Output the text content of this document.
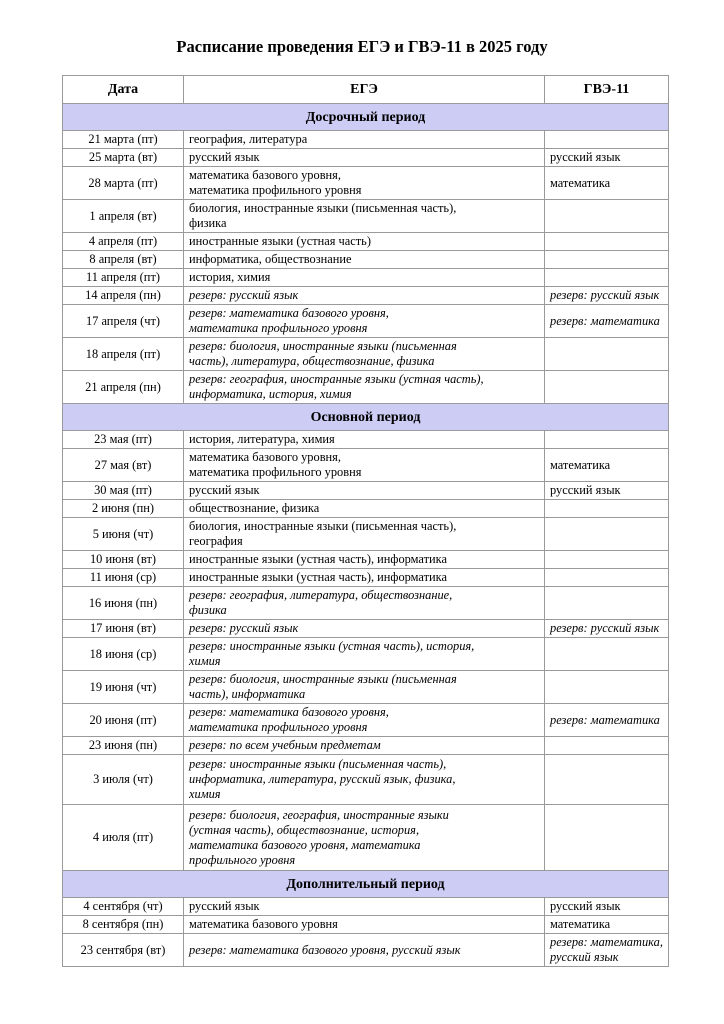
Расписание проведения ЕГЭ и ГВЭ-11 в 2025 году
Дата	ЕГЭ	ГВЭ-11
Досрочный период		
21 марта (пт)	география, литература	
25 марта (вт)	русский язык	русский язык
28 марта (пт)	математика базового уровня,
математика профильного уровня	математика
1 апреля (вт)	биология, иностранные языки (письменная часть),
физика	
4 апреля (пт)	иностранные языки (устная часть)	
8 апреля (вт)	информатика, обществознание	
11 апреля (пт)	история, химия	
14 апреля (пн)	резерв: русский язык	резерв: русский язык
17 апреля (чт)	резерв: математика базового уровня,
математика профильного уровня	резерв: математика
18 апреля (пт)	резерв: биология, иностранные языки (письменная
часть), литература, обществознание, физика	
21 апреля (пн)	резерв: география, иностранные языки (устная часть),
информатика, история, химия	
Основной период		
23 мая (пт)	история, литература, химия	
27 мая (вт)	математика базового уровня,
математика профильного уровня	математика
30 мая (пт)	русский язык	русский язык
2 июня (пн)	обществознание, физика	
5 июня (чт)	биология, иностранные языки (письменная часть),
география	
10 июня (вт)	иностранные языки (устная часть), информатика	
11 июня (ср)	иностранные языки (устная часть), информатика	
16 июня (пн)	резерв: география, литература, обществознание,
физика	
17 июня (вт)	резерв: русский язык	резерв: русский язык
18 июня (ср)	резерв: иностранные языки (устная часть), история,
химия	
19 июня (чт)	резерв: биология, иностранные языки (письменная
часть), информатика	
20 июня (пт)	резерв: математика базового уровня,
математика профильного уровня	резерв: математика
23 июня (пн)	резерв: по всем учебным предметам	
3 июля (чт)	резерв: иностранные языки (письменная часть),
информатика, литература, русский язык, физика,
химия	
4 июля (пт)	резерв: биология, география, иностранные языки
(устная часть), обществознание, история,
математика базового уровня, математика
профильного уровня	
Дополнительный период		
4 сентября (чт)	русский язык	русский язык
8 сентября (пн)	математика базового уровня	математика
23 сентября (вт)	резерв: математика базового уровня, русский язык	резерв: математика,
русский язык
